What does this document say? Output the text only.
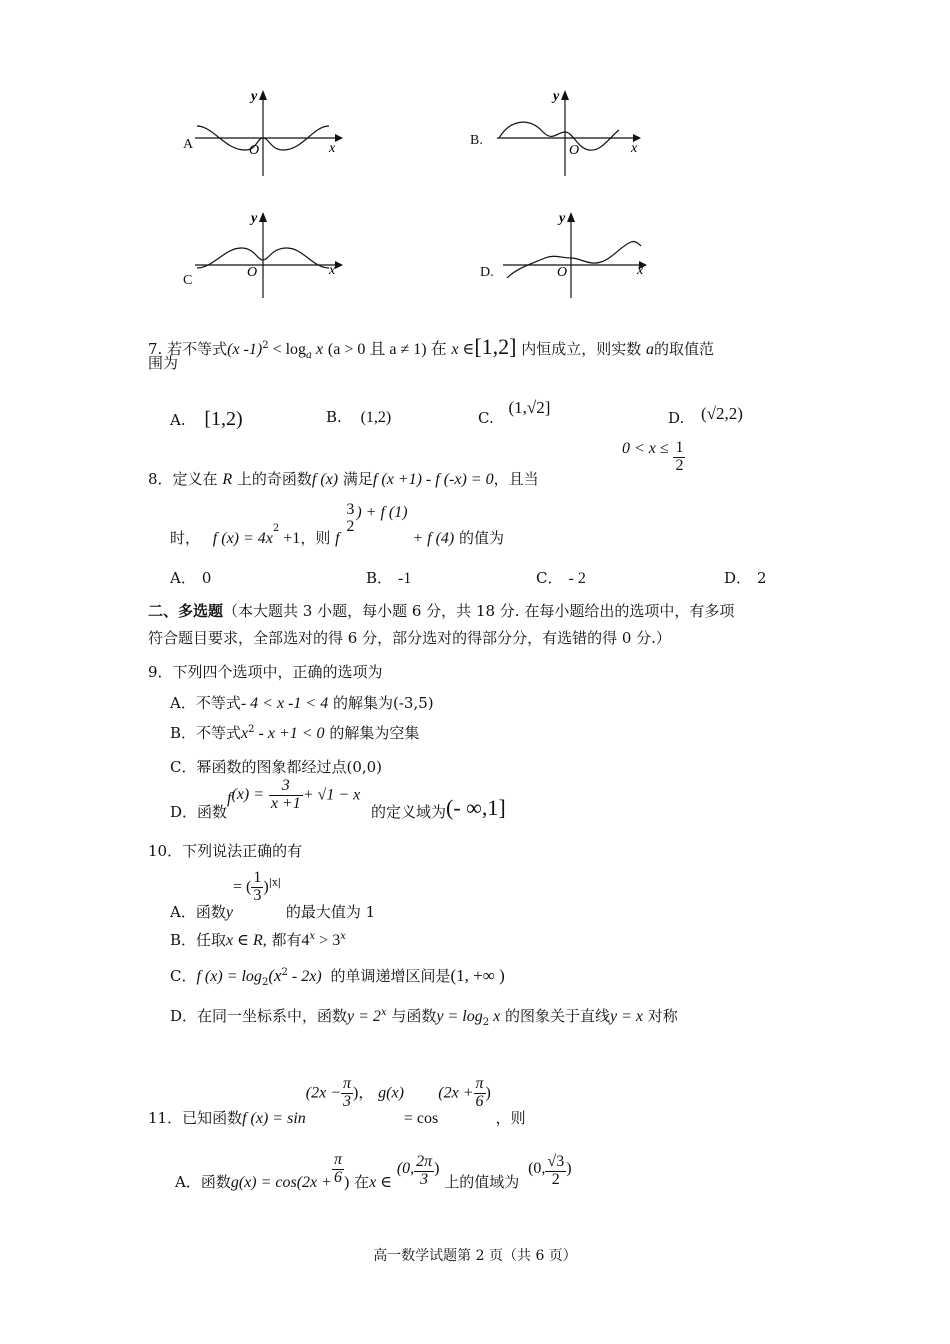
A
y
O	x
B.
y
O	x
C
y
O	x	D.
y
O	x
7. 若不等式(x $-1)^2 < \log_a x$ (a > 0 且 a ≠ 1) 在 x ∈[1,2] 内恒成立，则实数 a的取值范
围为
A. [1,2)	B. (1,2)	C. (1,√2]
D. (√2,2)
8．定义在 R 上的奇函数f (x) 满足f (x +1) - f (-x) = 0，且当
$0 < x \le \frac{1}{2}$
时， f $(x) = 4x_2 +1$，则 f
3
2
) + f (1) + f (4) 的值为
A． 0	B． -1	C． - 2	D． 2
二、多选题（本大题共 3 小题，每小题 6 分，共 18 分. 在每小题给出的选项中，有多项
符合题目要求，全部选对的得 6 分，部分选对的得部分分，有选错的得 0 分.）
9．下列四个选项中，正确的选项为
A．不等式- 4 < x -1 < 4 的解集为(-3,5)
B．不等式$x^2 - x +1 < 0$ 的解集为空集
C．幂函数的图象都经过点(0,0)
D．函数$f(x) = \frac{3}{x +1} + √1 - x$ 的定义域为(- ∞,1]
10．下列说法正确的有
A．函数y= ( $\frac{1}{3} )^{|x|}$ 的最大值为 1
B．任取x ∈ R, 都有$4^x > 3^x$
C．f $(x) = \log_2(x^2 - 2x)$ 的单调递增区间是(1, +∞ )
D．在同一坐标系中，函数$y = 2^x$ 与函数$y = \log_2 x$ 的图象关于直线y = x 对称
11．已知函数f $(x) = \sin(2x - \frac{\pi}{3}$ )， $g(x)= \cos(2x + \frac{\pi}{6}$ ) ，则
A．函数$g(x) = \cos(2x + \frac{\pi}{6}$ ) 在x ∈ (0, $\frac{2\pi}{3}$ ) 上的值域为 (0, $\frac{√3}{2}$ )
高一数学试题第 2 页（共 6 页）
